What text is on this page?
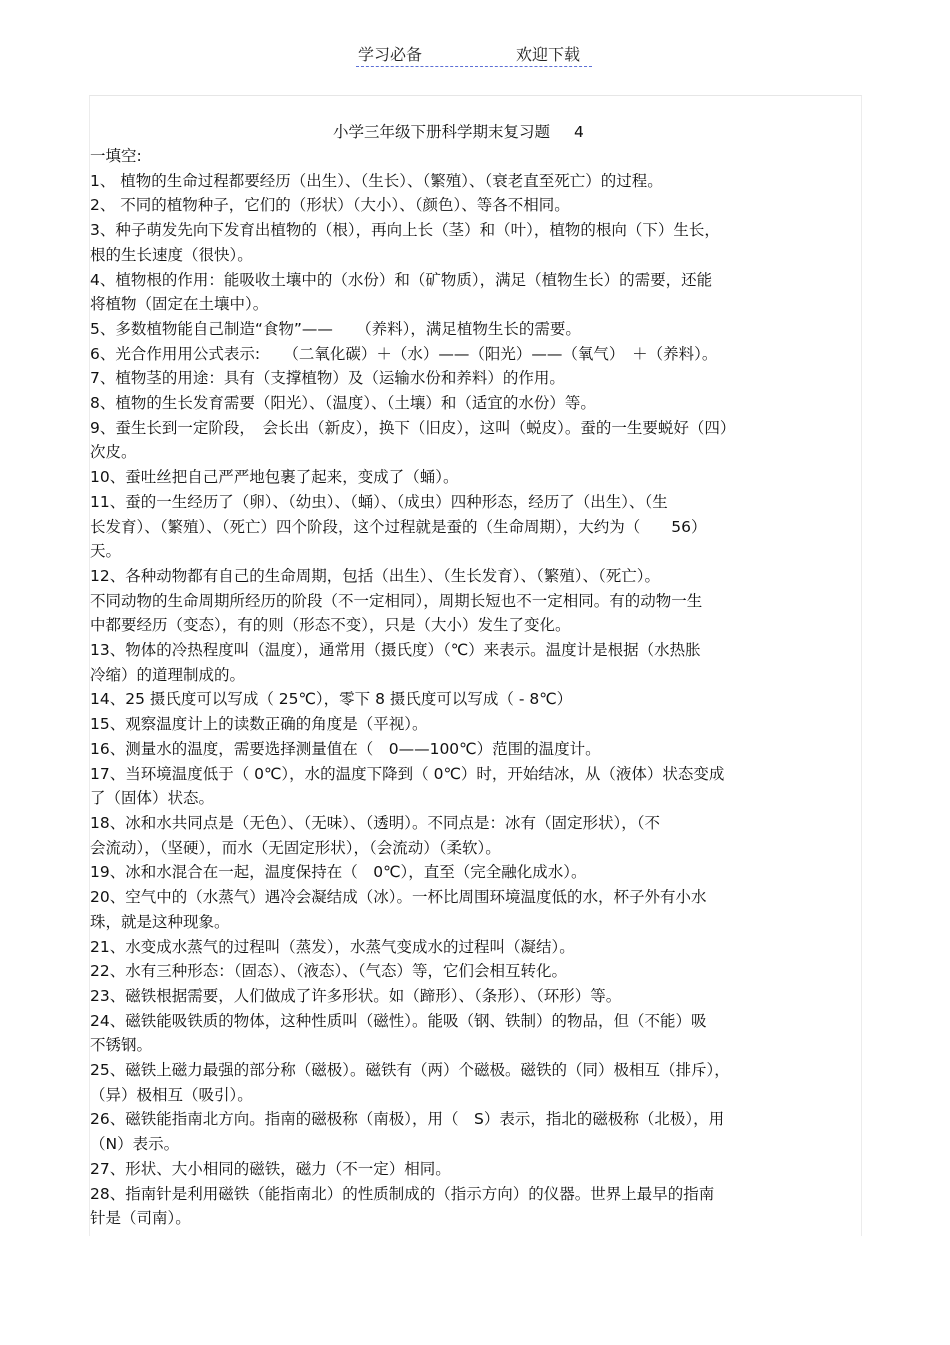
学习必备	欢迎下载
小学三年级下册科学期末复习题 4

一填空:

1、 植物的生命过程都要经历（出生）、（生长）、（繁殖）、（衰老直至死亡）的过程。

2、 不同的植物种子，它们的（形状）（大小）、（颜色）、等各不相同。

3、种子萌发先向下发育出植物的（根），再向上长（茎）和（叶），植物的根向（下）生长，

根的生长速度（很快）。

4、植物根的作用：能吸收土壤中的（水份）和（矿物质），满足（植物生长）的需要，还能

将植物（固定在土壤中）。

5、多数植物能自己制造“食物”——　　（养料），满足植物生长的需要。

6、光合作用用公式表示:　　（二氧化碳）＋（水）——（阳光）——（氧气）　＋（养料）。

7、植物茎的用途：具有（支撑植物）及（运输水份和养料）的作用。

8、植物的生长发育需要（阳光）、（温度）、（土壤）和（适宜的水份）等。

9、蚕生长到一定阶段，　会长出（新皮），换下（旧皮），这叫（蜕皮）。蚕的一生要蜕好（四）

次皮。

10、蚕吐丝把自己严严地包裹了起来，变成了（蛹）。

11、蚕的一生经历了（卵）、（幼虫）、（蛹）、（成虫）四种形态，经历了（出生）、（生

长发育）、（繁殖）、（死亡）四个阶段，这个过程就是蚕的（生命周期），大约为（　　56）

天。

12、各种动物都有自己的生命周期，包括（出生）、（生长发育）、（繁殖）、（死亡）。

不同动物的生命周期所经历的阶段（不一定相同），周期长短也不一定相同。有的动物一生

中都要经历（变态），有的则（形态不变），只是（大小）发生了变化。

13、物体的冷热程度叫（温度），通常用（摄氏度）（℃）来表示。温度计是根据（水热胀

冷缩）的道理制成的。

14、25 摄氏度可以写成（ 25℃），零下 8 摄氏度可以写成（ - 8℃）

15、观察温度计上的读数正确的角度是（平视）。

16、测量水的温度，需要选择测量值在（　0——100℃）范围的温度计。

17、当环境温度低于（ 0℃），水的温度下降到（ 0℃）时，开始结冰，从（液体）状态变成

了（固体）状态。

18、冰和水共同点是（无色）、（无味）、（透明）。不同点是：冰有（固定形状），（不

会流动），（坚硬），而水（无固定形状），（会流动）（柔软）。

19、冰和水混合在一起，温度保持在（　0℃），直至（完全融化成水）。

20、空气中的（水蒸气）遇冷会凝结成（冰）。一杯比周围环境温度低的水，杯子外有小水

珠，就是这种现象。

21、水变成水蒸气的过程叫（蒸发），水蒸气变成水的过程叫（凝结）。

22、水有三种形态：（固态）、（液态）、（气态）等，它们会相互转化。

23、磁铁根据需要，人们做成了许多形状。如（蹄形）、（条形）、（环形）等。

24、磁铁能吸铁质的物体，这种性质叫（磁性）。能吸（钢、铁制）的物品，但（不能）吸

不锈钢。

25、磁铁上磁力最强的部分称（磁极）。磁铁有（两）个磁极。磁铁的（同）极相互（排斥），

（异）极相互（吸引）。

26、磁铁能指南北方向。指南的磁极称（南极），用（　S）表示，指北的磁极称（北极），用

（N）表示。

27、形状、大小相同的磁铁，磁力（不一定）相同。

28、指南针是利用磁铁（能指南北）的性质制成的（指示方向）的仪器。世界上最早的指南

针是（司南）。
